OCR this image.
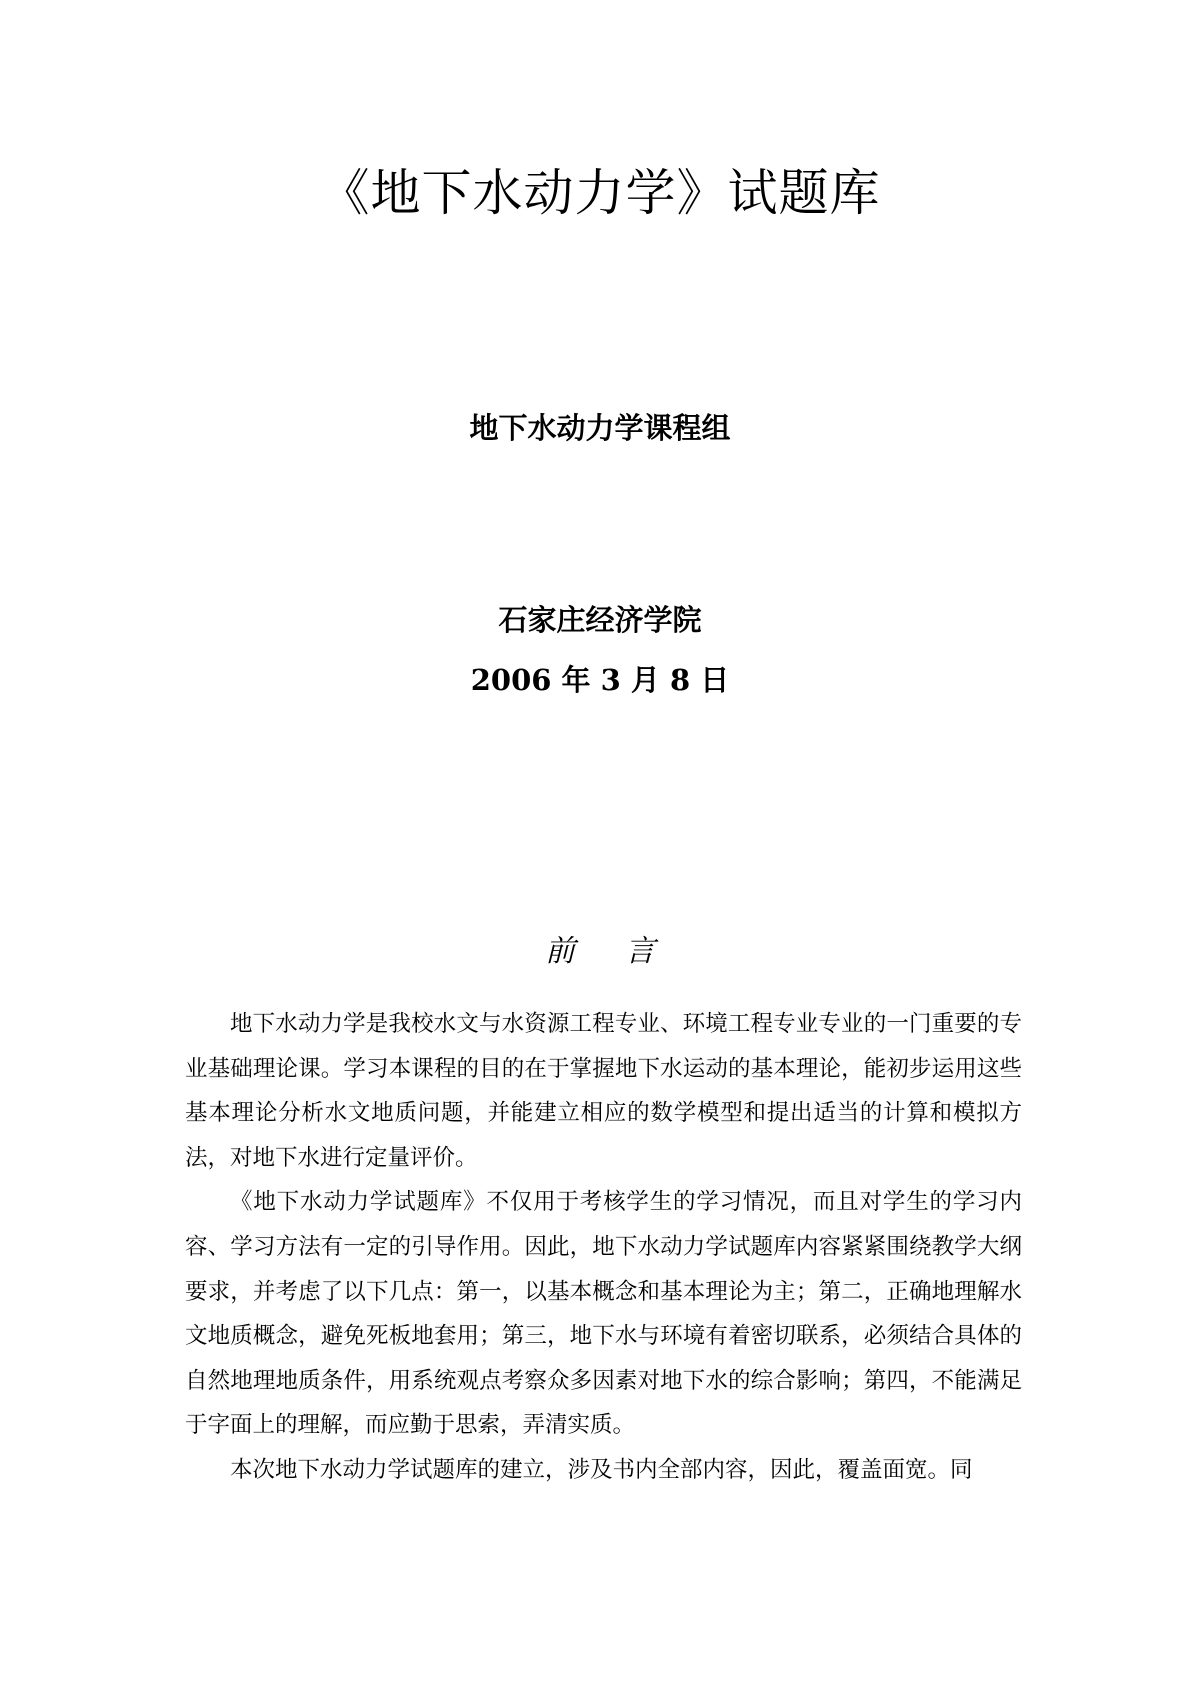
《地下水动力学》试题库
地下水动力学课程组
石家庄经济学院
2006 年 3 月 8 日
前言

地下水动力学是我校水文与水资源工程专业、环境工程专业专业的一门重要的专业基础理论课。学习本课程的目的在于掌握地下水运动的基本理论，能初步运用这些基本理论分析水文地质问题，并能建立相应的数学模型和提出适当的计算和模拟方法，对地下水进行定量评价。

《地下水动力学试题库》不仅用于考核学生的学习情况，而且对学生的学习内容、学习方法有一定的引导作用。因此，地下水动力学试题库内容紧紧围绕教学大纲要求，并考虑了以下几点：第一，以基本概念和基本理论为主；第二，正确地理解水文地质概念，避免死板地套用；第三，地下水与环境有着密切联系，必须结合具体的自然地理地质条件，用系统观点考察众多因素对地下水的综合影响；第四，不能满足于字面上的理解，而应勤于思索，弄清实质。

本次地下水动力学试题库的建立，涉及书内全部内容，因此，覆盖面宽。同
